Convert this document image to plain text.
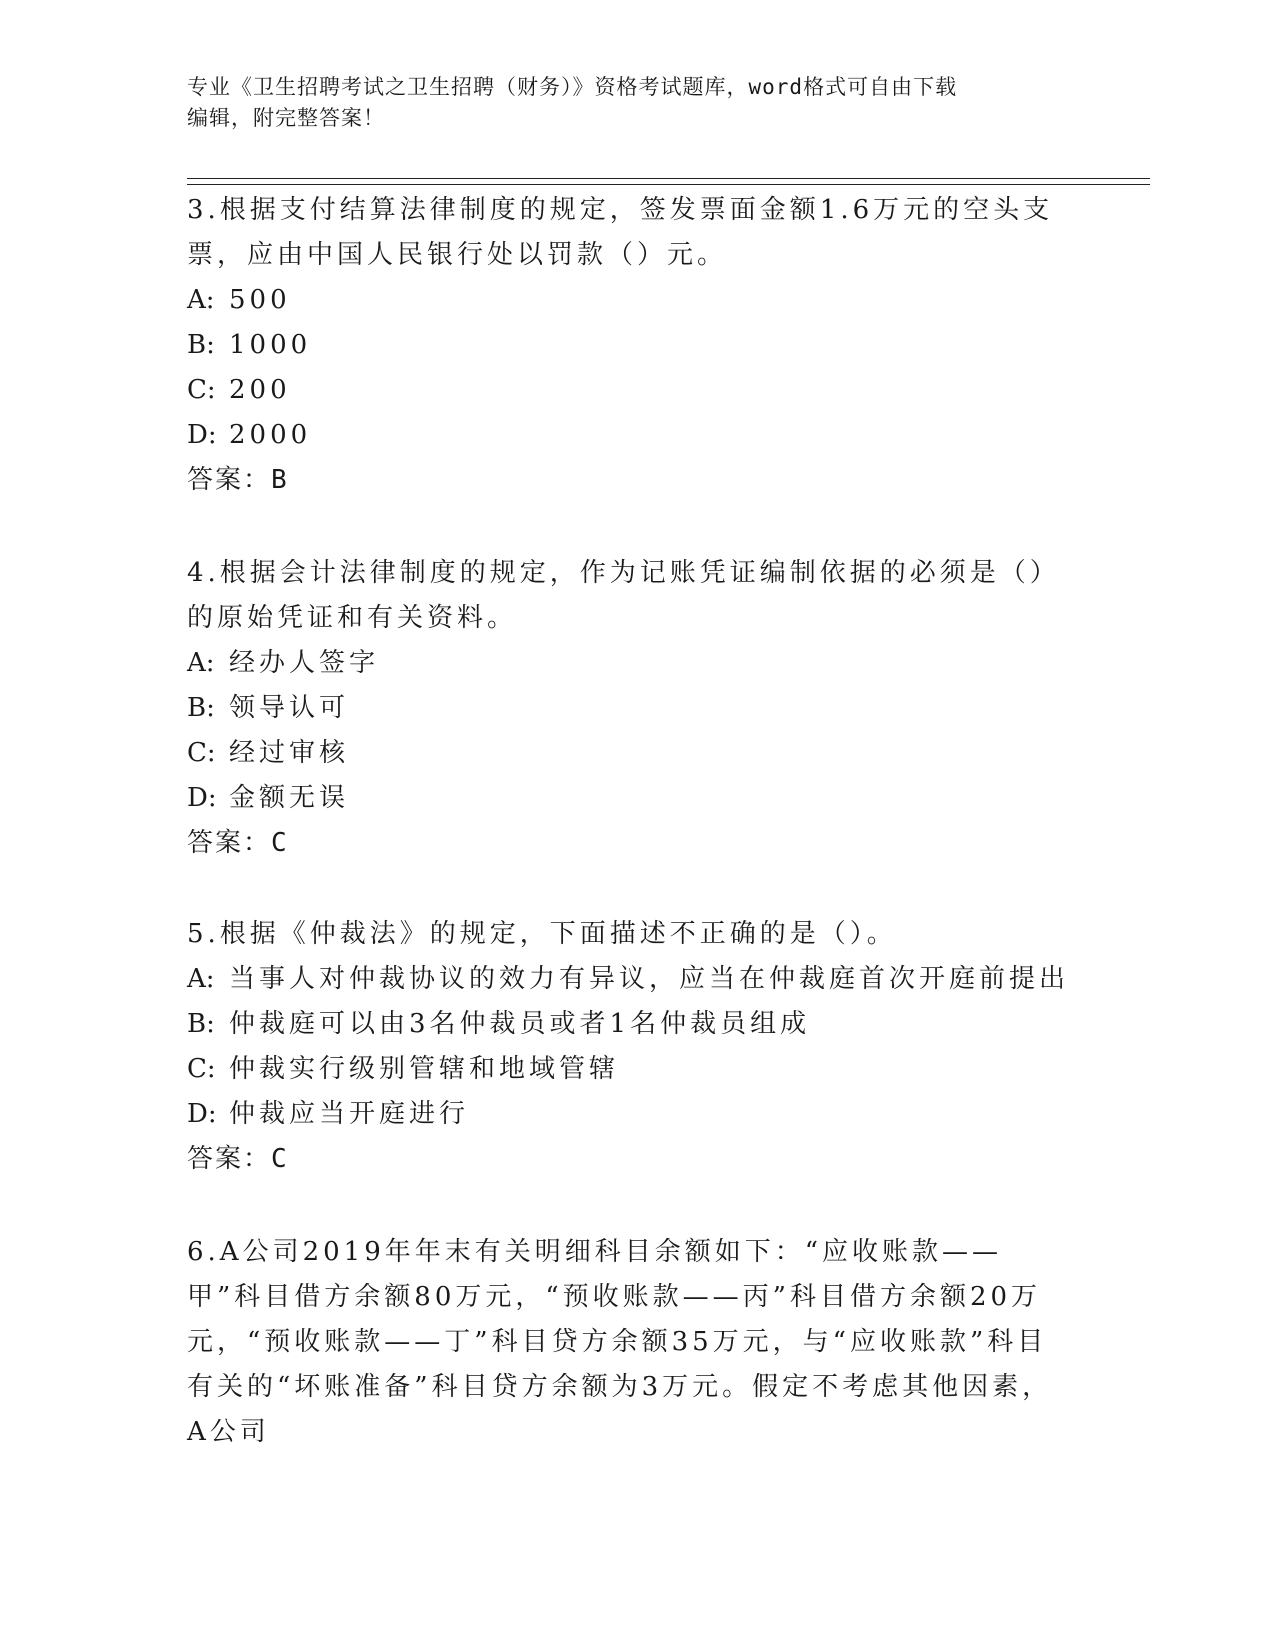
专业《卫生招聘考试之卫生招聘（财务）》资格考试题库，word格式可自由下载
编辑，附完整答案！

3.根据支付结算法律制度的规定，签发票面金额1.6万元的空头支票，应由中国人民银行处以罚款（）元。

A: 500

B: 1000

C: 200

D: 2000

答案：B

4.根据会计法律制度的规定，作为记账凭证编制依据的必须是（）的原始凭证和有关资料。

A: 经办人签字

B: 领导认可

C: 经过审核

D: 金额无误

答案：C

5.根据《仲裁法》的规定，下面描述不正确的是（）。

A: 当事人对仲裁协议的效力有异议，应当在仲裁庭首次开庭前提出

B: 仲裁庭可以由3名仲裁员或者1名仲裁员组成

C: 仲裁实行级别管辖和地域管辖

D: 仲裁应当开庭进行

答案：C

6.A公司2019年年末有关明细科目余额如下：“应收账款——甲”科目借方余额80万元，“预收账款——丙”科目借方余额20万元，“预收账款——丁”科目贷方余额35万元，与“应收账款”科目有关的“坏账准备”科目贷方余额为3万元。假定不考虑其他因素，A公司
